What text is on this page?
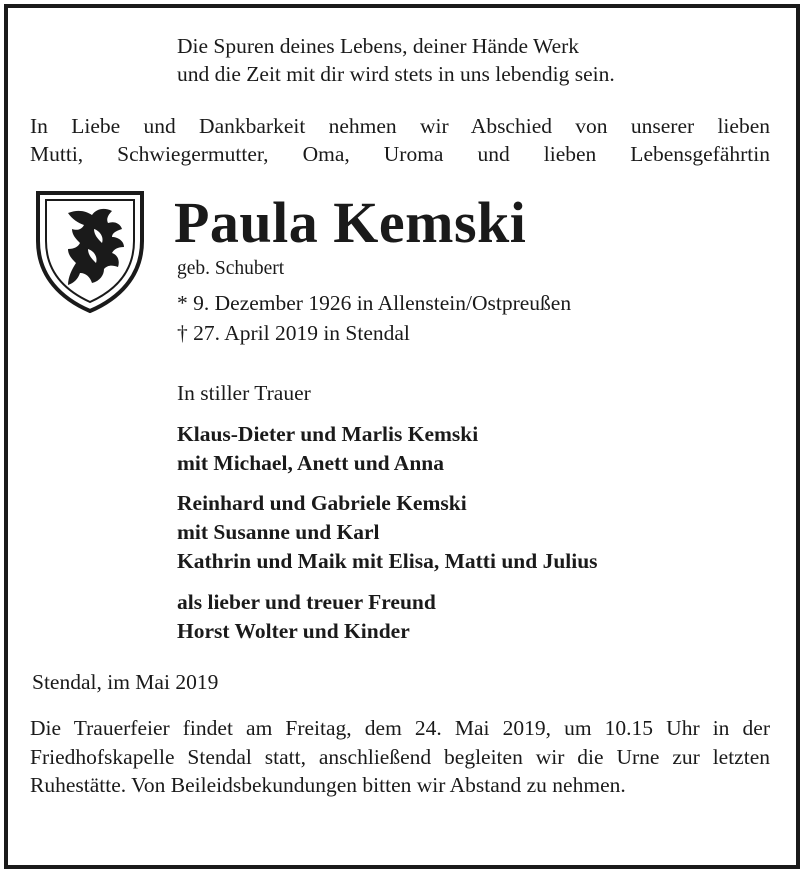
Die Spuren deines Lebens, deiner Hände Werk
und die Zeit mit dir wird stets in uns lebendig sein.
In Liebe und Dankbarkeit nehmen wir Abschied von unserer lieben
Mutti, Schwiegermutter, Oma, Uroma und lieben Lebensgefährtin
Paula Kemski
geb. Schubert
* 9. Dezember 1926 in Allenstein/Ostpreußen
† 27. April 2019 in Stendal
In stiller Trauer
Klaus-Dieter und Marlis Kemski
mit Michael, Anett und Anna
Reinhard und Gabriele Kemski
mit Susanne und Karl
Kathrin und Maik mit Elisa, Matti und Julius
als lieber und treuer Freund
Horst Wolter und Kinder
Stendal, im Mai 2019
Die Trauerfeier findet am Freitag, dem 24. Mai 2019, um 10.15 Uhr in der Friedhofskapelle Stendal statt, anschließend begleiten wir die Urne zur letzten Ruhestätte. Von Beileidsbekundungen bitten wir Abstand zu nehmen.
